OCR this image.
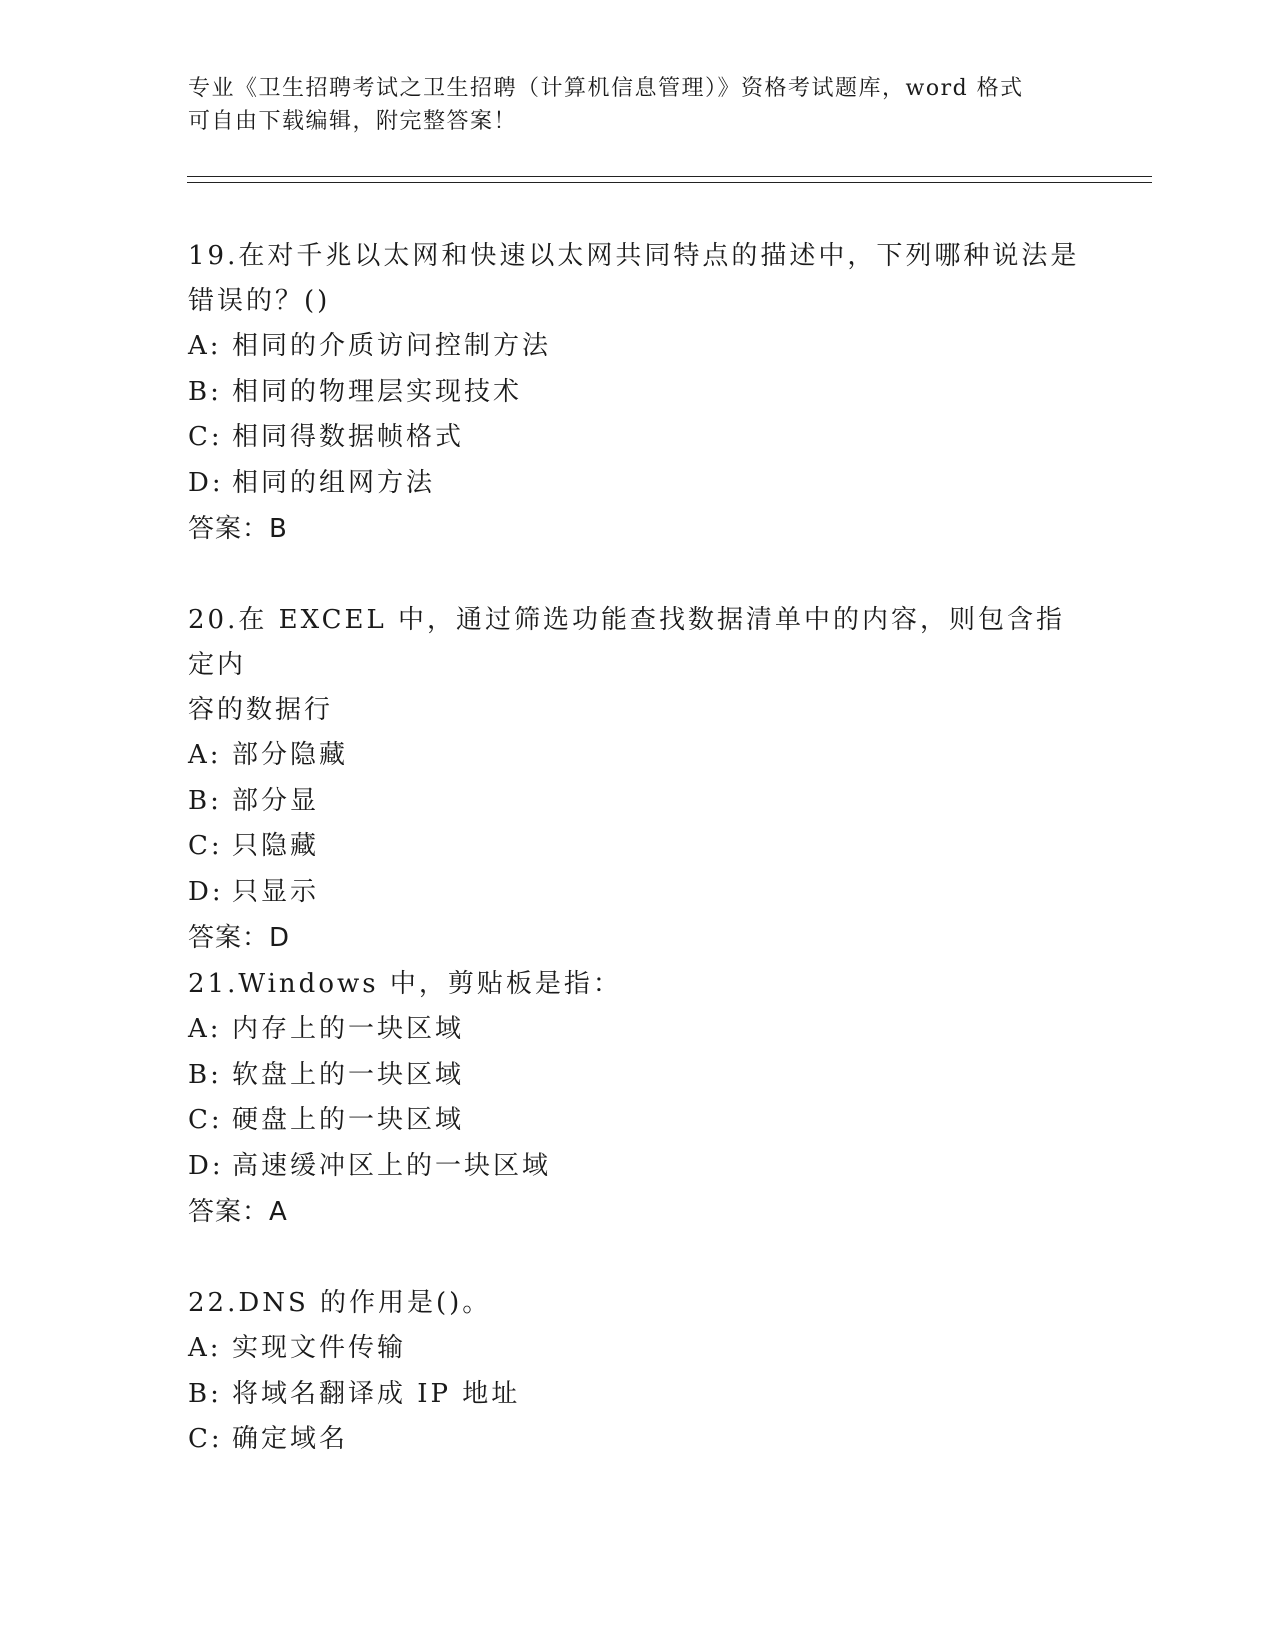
专业《卫生招聘考试之卫生招聘（计算机信息管理）》资格考试题库，word 格式
可自由下载编辑，附完整答案！

19.在对千兆以太网和快速以太网共同特点的描述中，下列哪种说法是

错误的？()

A: 相同的介质访问控制方法

B: 相同的物理层实现技术

C: 相同得数据帧格式

D: 相同的组网方法

答案：B

20.在 EXCEL 中，通过筛选功能查找数据清单中的内容，则包含指定内

容的数据行

A: 部分隐藏

B: 部分显

C: 只隐藏

D: 只显示

答案：D

21.Windows 中，剪贴板是指：

A: 内存上的一块区域

B: 软盘上的一块区域

C: 硬盘上的一块区域

D: 高速缓冲区上的一块区域

答案：A

22.DNS 的作用是()。

A: 实现文件传输

B: 将域名翻译成 IP 地址

C: 确定域名
